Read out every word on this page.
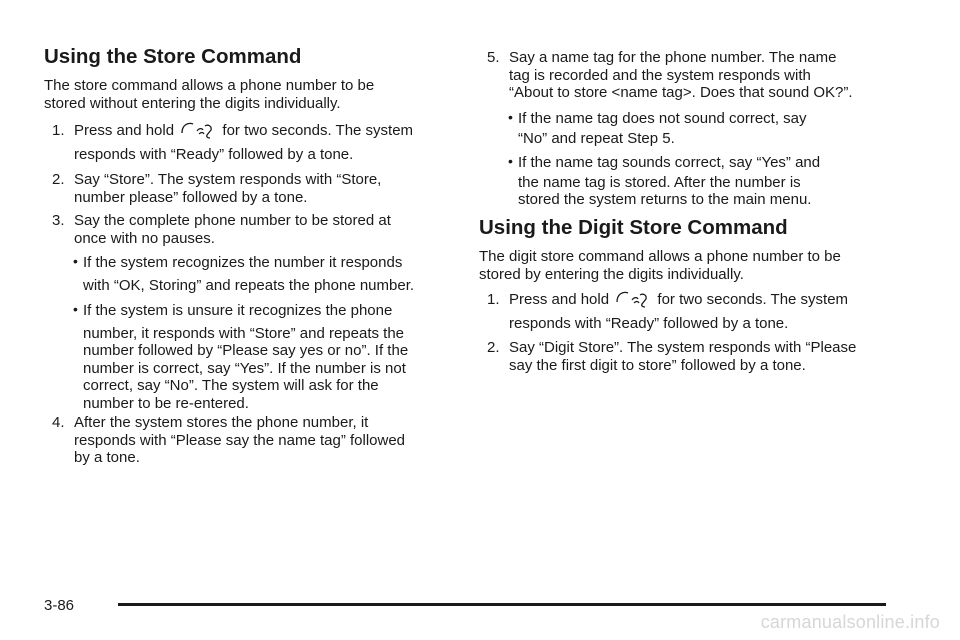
Using the Store Command

The store command allows a phone number to be
stored without entering the digits individually.

1. Press and hold	for two seconds. The system
responds with “Ready” followed by a tone.
2. Say “Store”. The system responds with “Store,
number please” followed by a tone.
3. Say the complete phone number to be stored at
once with no pauses.
• If the system recognizes the number it responds
with “OK, Storing” and repeats the phone number.
• If the system is unsure it recognizes the phone
number, it responds with “Store” and repeats the
number followed by “Please say yes or no”. If the
number is correct, say “Yes”. If the number is not
correct, say “No”. The system will ask for the
number to be re-entered.
4. After the system stores the phone number, it
responds with “Please say the name tag” followed
by a tone.
5. Say a name tag for the phone number. The name
tag is recorded and the system responds with
“About to store <name tag>. Does that sound OK?”.
• If the name tag does not sound correct, say
“No” and repeat Step 5.
• If the name tag sounds correct, say “Yes” and
the name tag is stored. After the number is
stored the system returns to the main menu.
Using the Digit Store Command

The digit store command allows a phone number to be
stored by entering the digits individually.

1. Press and hold	for two seconds. The system
responds with “Ready” followed by a tone.
2. Say “Digit Store”. The system responds with “Please
say the first digit to store” followed by a tone.
3-86
carmanualsonline.info
